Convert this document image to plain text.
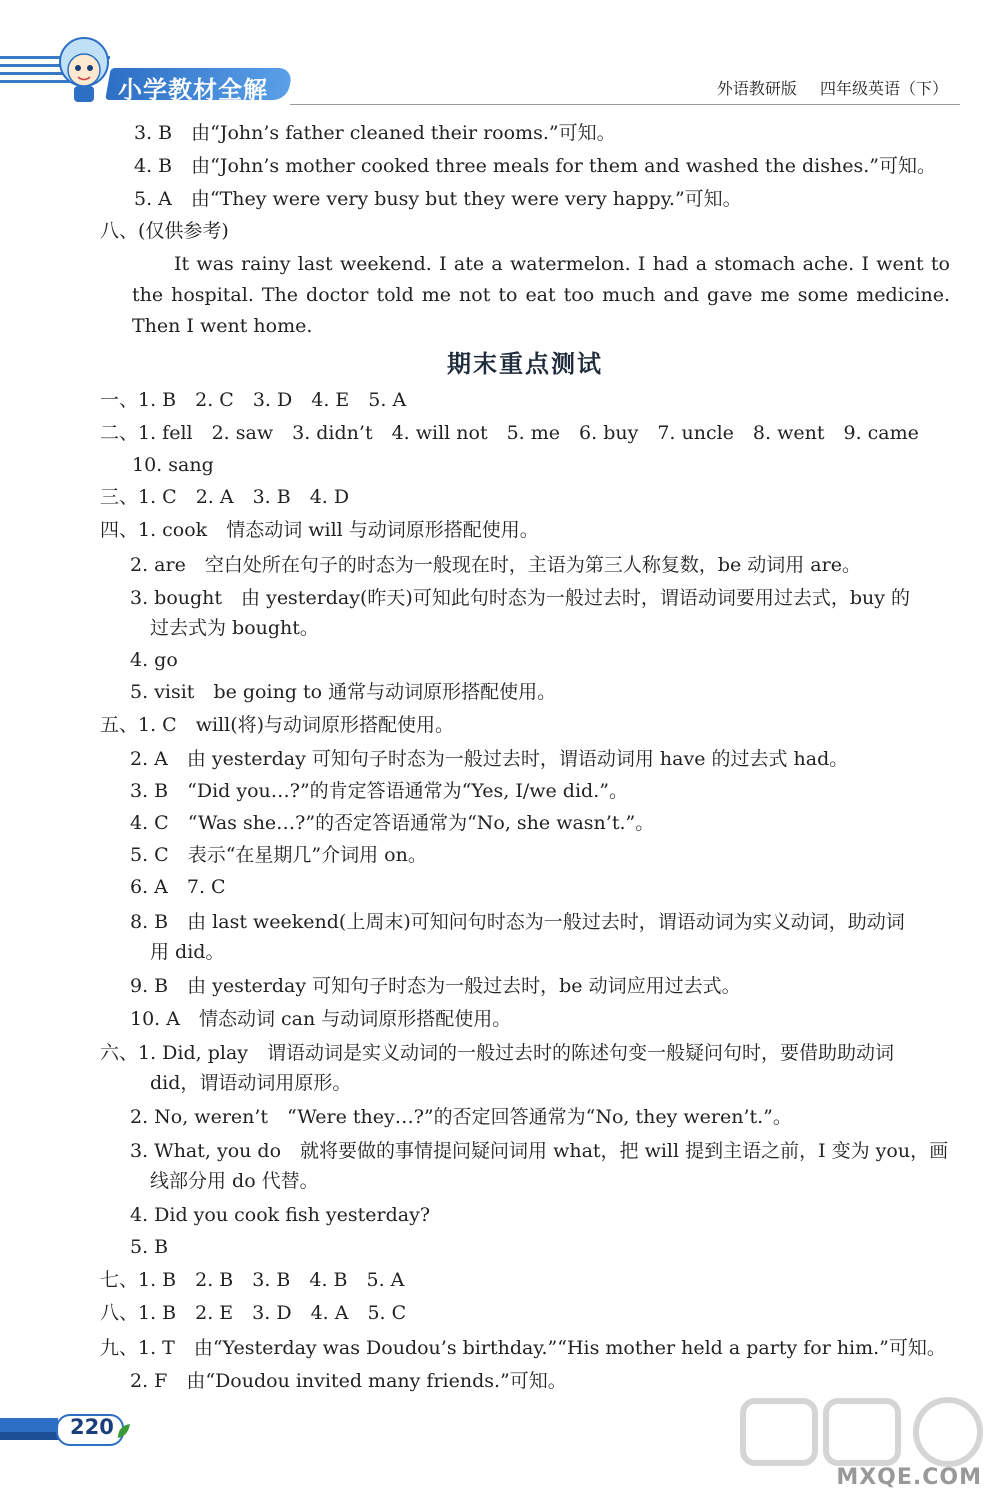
小学教材全解	外语教研版 四年级英语（下）
3. B　由“John’s father cleaned their rooms.”可知。
4. B　由“John’s mother cooked three meals for them and washed the dishes.”可知。
5. A　由“They were very busy but they were very happy.”可知。
八、(仅供参考)
It was rainy last weekend. I ate a watermelon. I had a stomach ache. I went to the hospital. The doctor told me not to eat too much and gave me some medicine. Then I went home.
期末重点测试
一、1. B　2. C　3. D　4. E　5. A
二、1. fell　2. saw　3. didn’t　4. will not　5. me　6. buy　7. uncle　8. went　9. came
10. sang
三、1. C　2. A　3. B　4. D
四、1. cook　情态动词 will 与动词原形搭配使用。
2. are　空白处所在句子的时态为一般现在时，主语为第三人称复数，be 动词用 are。
3. bought　由 yesterday(昨天)可知此句时态为一般过去时，谓语动词要用过去式，buy 的
过去式为 bought。
4. go
5. visit　be going to 通常与动词原形搭配使用。
五、1. C　will(将)与动词原形搭配使用。
2. A　由 yesterday 可知句子时态为一般过去时，谓语动词用 have 的过去式 had。
3. B　“Did you…?”的肯定答语通常为“Yes, I/we did.”。
4. C　“Was she…?”的否定答语通常为“No, she wasn’t.”。
5. C　表示“在星期几”介词用 on。
6. A　7. C
8. B　由 last weekend(上周末)可知问句时态为一般过去时，谓语动词为实义动词，助动词
用 did。
9. B　由 yesterday 可知句子时态为一般过去时，be 动词应用过去式。
10. A　情态动词 can 与动词原形搭配使用。
六、1. Did, play　谓语动词是实义动词的一般过去时的陈述句变一般疑问句时，要借助助动词
did，谓语动词用原形。
2. No, weren’t　“Were they…?”的否定回答通常为“No, they weren’t.”。
3. What, you do　就将要做的事情提问疑问词用 what，把 will 提到主语之前，I 变为 you，画
线部分用 do 代替。
4. Did you cook fish yesterday?
5. B
七、1. B　2. B　3. B　4. B　5. A
八、1. B　2. E　3. D　4. A　5. C
九、1. T　由“Yesterday was Doudou’s birthday.”“His mother held a party for him.”可知。
2. F　由“Doudou invited many friends.”可知。
220
MXQE.COM
